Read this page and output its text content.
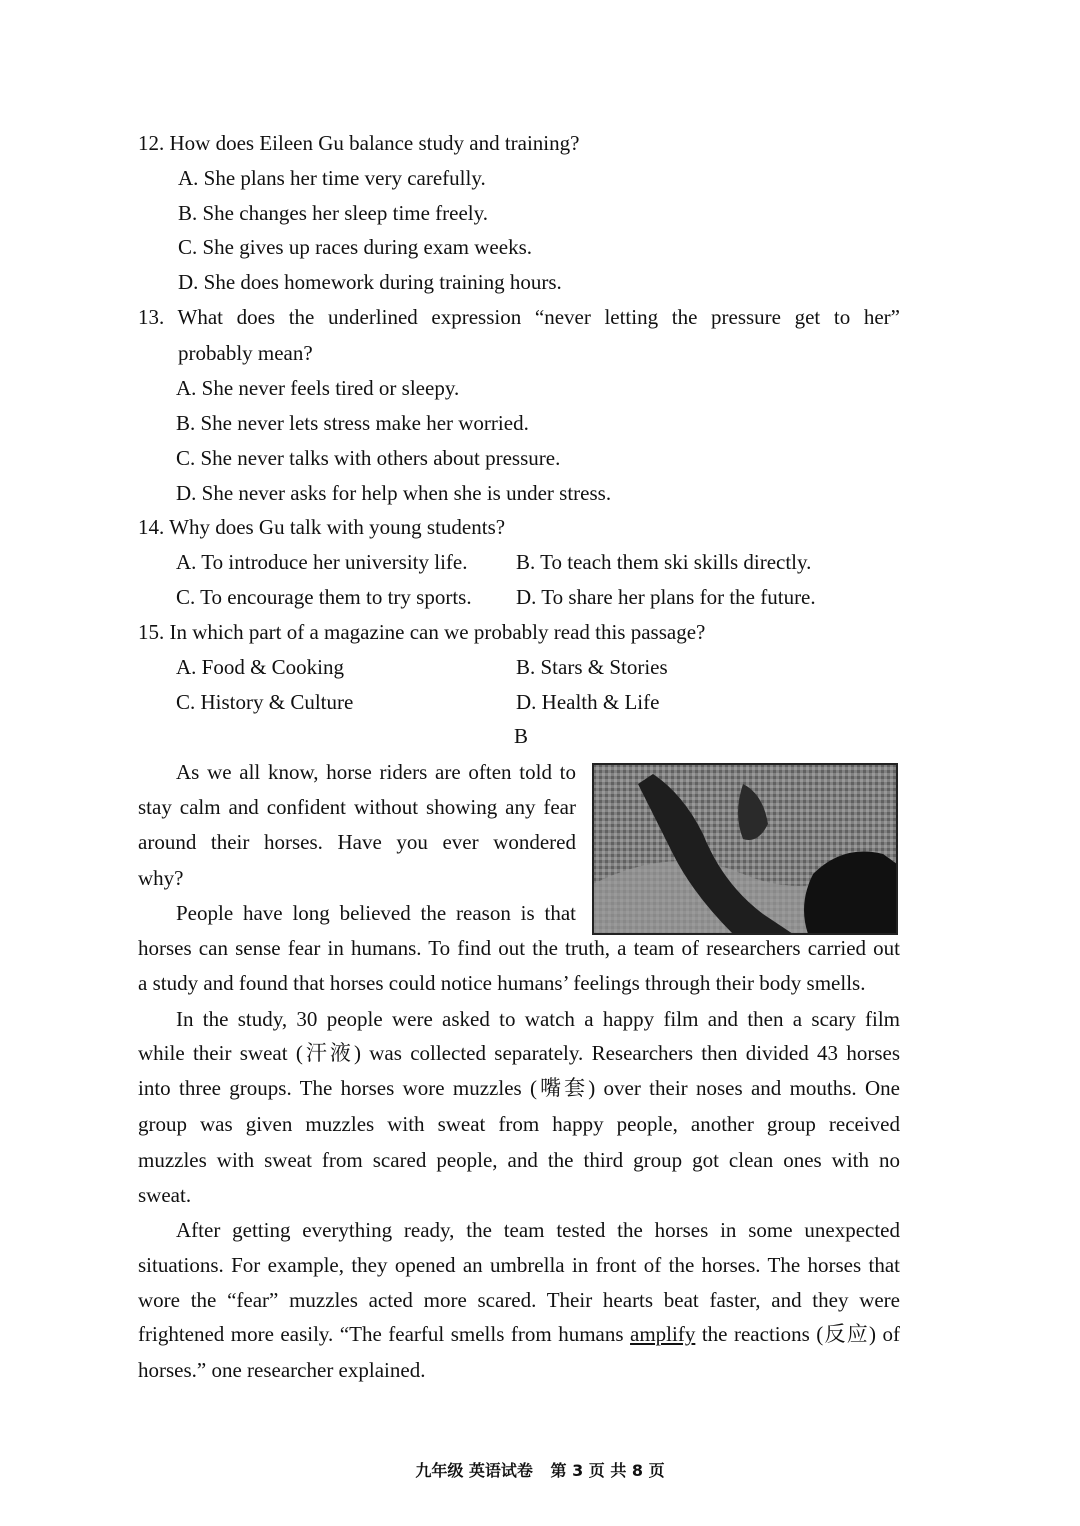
12. How does Eileen Gu balance study and training?
A. She plans her time very carefully.
B. She changes her sleep time freely.
C. She gives up races during exam weeks.
D. She does homework during training hours.
13. What does the underlined expression “never letting the pressure get to her”
probably mean?
A. She never feels tired or sleepy.
B. She never lets stress make her worried.
C. She never talks with others about pressure.
D. She never asks for help when she is under stress.
14. Why does Gu talk with young students?
A. To introduce her university life. B. To teach them ski skills directly.
C. To encourage them to try sports. D. To share her plans for the future.
15. In which part of a magazine can we probably read this passage?
A. Food & Cooking	B. Stars & Stories
C. History & Culture	D. Health & Life
B
As we all know, horse riders are often told to
stay calm and confident without showing any fear
around their horses. Have you ever wondered
why?
People have long believed the reason is that
horses can sense fear in humans. To find out the truth, a team of researchers carried out
a study and found that horses could notice humans’ feelings through their body smells.
In the study, 30 people were asked to watch a happy film and then a scary film
while their sweat (汗液) was collected separately. Researchers then divided 43 horses
into three groups. The horses wore muzzles (嘴套) over their noses and mouths. One
group was given muzzles with sweat from happy people, another group received
muzzles with sweat from scared people, and the third group got clean ones with no
sweat.
After getting everything ready, the team tested the horses in some unexpected
situations. For example, they opened an umbrella in front of the horses. The horses that
wore the “fear” muzzles acted more scared. Their hearts beat faster, and they were
frightened more easily. “The fearful smells from humans amplify the reactions (反应) of
horses.” one researcher explained.
九年级 英语试卷 第 3 页 共 8 页
